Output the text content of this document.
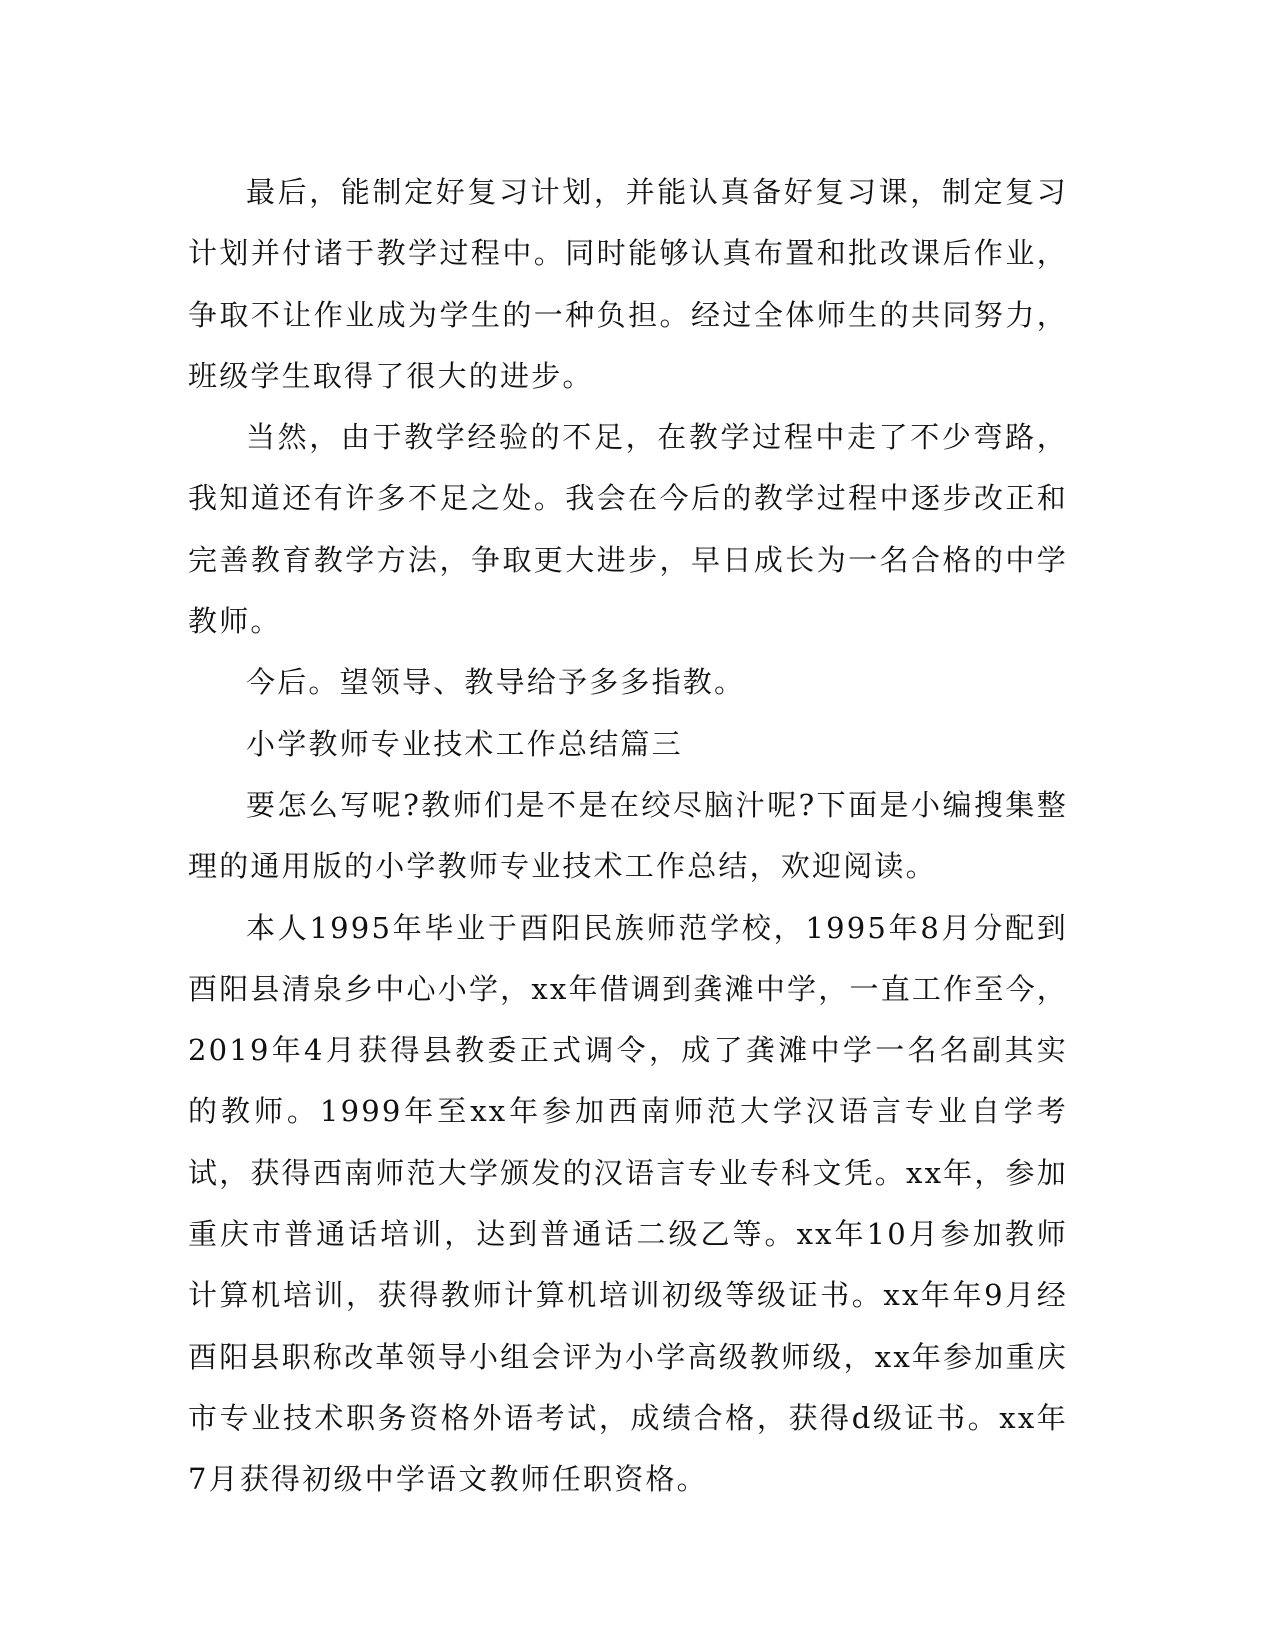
最后，能制定好复习计划，并能认真备好复习课，制定复习计划并付诸于教学过程中。同时能够认真布置和批改课后作业，争取不让作业成为学生的一种负担。经过全体师生的共同努力，班级学生取得了很大的进步。

当然，由于教学经验的不足，在教学过程中走了不少弯路，我知道还有许多不足之处。我会在今后的教学过程中逐步改正和完善教育教学方法，争取更大进步，早日成长为一名合格的中学教师。

今后。望领导、教导给予多多指教。

小学教师专业技术工作总结篇三

要怎么写呢?教师们是不是在绞尽脑汁呢?下面是小编搜集整理的通用版的小学教师专业技术工作总结，欢迎阅读。

本人1995年毕业于酉阳民族师范学校，1995年8月分配到酉阳县清泉乡中心小学，xx年借调到龚滩中学，一直工作至今，2019年4月获得县教委正式调令，成了龚滩中学一名名副其实的教师。1999年至xx年参加西南师范大学汉语言专业自学考试，获得西南师范大学颁发的汉语言专业专科文凭。xx年，参加重庆市普通话培训，达到普通话二级乙等。xx年10月参加教师计算机培训，获得教师计算机培训初级等级证书。xx年年9月经酉阳县职称改革领导小组会评为小学高级教师级，xx年参加重庆市专业技术职务资格外语考试，成绩合格，获得d级证书。xx年7月获得初级中学语文教师任职资格。
